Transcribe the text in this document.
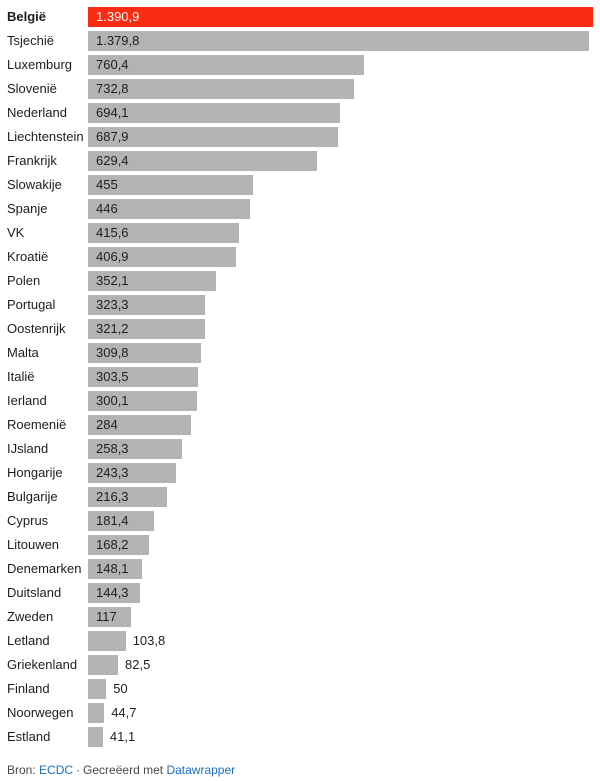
België	1.390,9
Tsjechië	1.379,8
Luxemburg	760,4
Slovenië	732,8
Nederland	694,1
Liechtenstein 687,9
Frankrijk	629,4
Slowakije	455
Spanje	446
VK	415,6
Kroatië	406,9
Polen	352,1
Portugal	323,3
Oostenrijk	321,2
Malta	309,8
Italië	303,5
Ierland	300,1
Roemenië	284
IJsland	258,3
Hongarije	243,3
Bulgarije	216,3
Cyprus	181,4
Litouwen	168,2
Denemarken	148,1
Duitsland	144,3
Zweden	117
Letland	103,8
Griekenland	82,5
Finland	50
Noorwegen	44,7
Estland	41,1
Bron: ECDC · Gecreëerd met Datawrapper
